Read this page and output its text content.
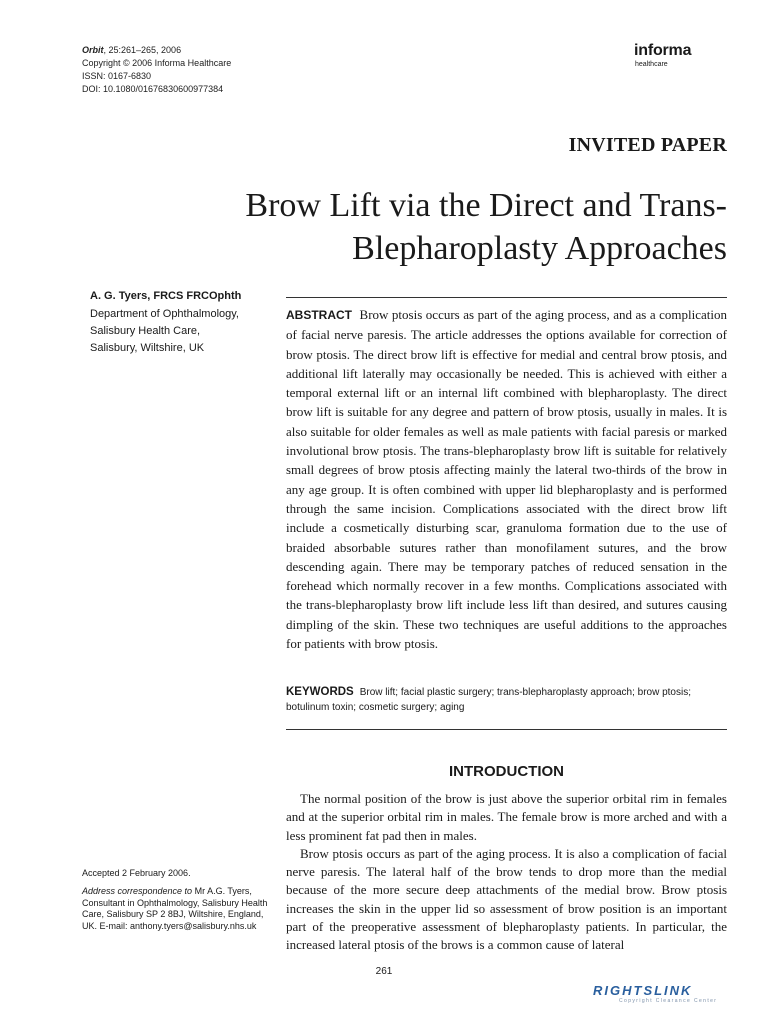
Orbit, 25:261–265, 2006
Copyright © 2006 Informa Healthcare
ISSN: 0167-6830
DOI: 10.1080/01676830600977384
informa
healthcare
INVITED PAPER
Brow Lift via the Direct and Trans-Blepharoplasty Approaches
A. G. Tyers, FRCS FRCOphth
Department of Ophthalmology,
Salisbury Health Care,
Salisbury, Wiltshire, UK
ABSTRACT Brow ptosis occurs as part of the aging process, and as a complication of facial nerve paresis. The article addresses the options available for correction of brow ptosis. The direct brow lift is effective for medial and central brow ptosis, and additional lift laterally may occasionally be needed. This is achieved with either a temporal external lift or an internal lift combined with blepharoplasty. The direct brow lift is suitable for any degree and pattern of brow ptosis, usually in males. It is also suitable for older females as well as male patients with facial paresis or marked involutional brow ptosis. The trans-blepharoplasty brow lift is suitable for relatively small degrees of brow ptosis affecting mainly the lateral two-thirds of the brow in any age group. It is often combined with upper lid blepharoplasty and is performed through the same incision. Complications associated with the direct brow lift include a cosmetically disturbing scar, granuloma formation due to the use of braided absorbable sutures rather than monofilament sutures, and the brow descending again. There may be temporary patches of reduced sensation in the forehead which normally recover in a few months. Complications associated with the trans-blepharoplasty brow lift include less lift than desired, and sutures causing dimpling of the skin. These two techniques are useful additions to the approaches for patients with brow ptosis.
KEYWORDS Brow lift; facial plastic surgery; trans-blepharoplasty approach; brow ptosis; botulinum toxin; cosmetic surgery; aging
INTRODUCTION

The normal position of the brow is just above the superior orbital rim in females and at the superior orbital rim in males. The female brow is more arched and with a less prominent fat pad then in males.

Brow ptosis occurs as part of the aging process. It is also a complication of facial nerve paresis. The lateral half of the brow tends to drop more than the medial because of the more secure deep attachments of the medial brow. Brow ptosis increases the skin in the upper lid so assessment of brow position is an important part of the preoperative assessment of blepharoplasty patients. In particular, the increased lateral ptosis of the brows is a common cause of lateral

Accepted 2 February 2006.
Address correspondence to Mr A.G. Tyers, Consultant in Ophthalmology, Salisbury Health Care, Salisbury SP 2 8BJ, Wiltshire, England, UK. E-mail: anthony.tyers@salisbury.nhs.uk
261
RIGHTSLINK
Copyright Clearance Center
